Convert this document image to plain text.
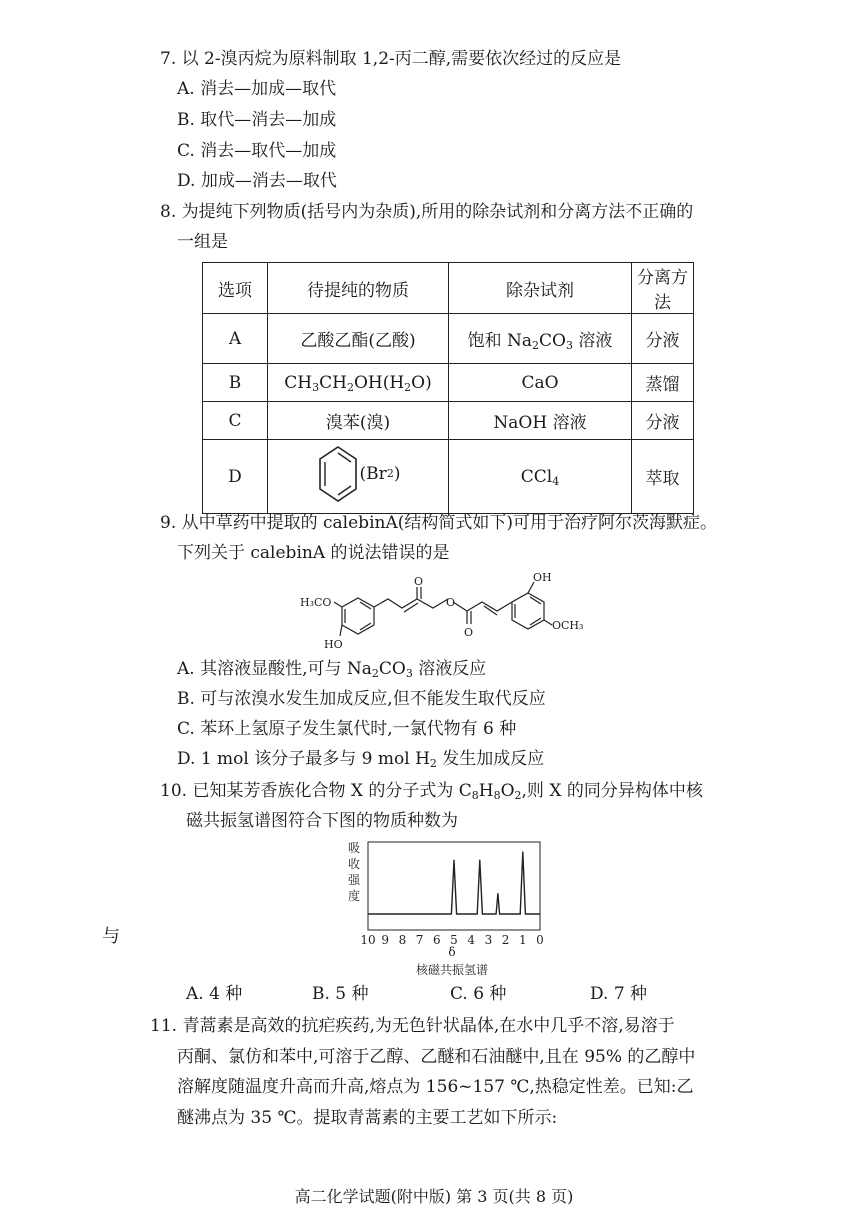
7. 以 2-溴丙烷为原料制取 1,2-丙二醇,需要依次经过的反应是
A. 消去—加成—取代
B. 取代—消去—加成
C. 消去—取代—加成
D. 加成—消去—取代
8. 为提纯下列物质(括号内为杂质),所用的除杂试剂和分离方法不正确的
一组是
选项	待提纯的物质	除杂试剂	分离方法
A	乙酸乙酯(乙酸)	饱和 $Na_2CO_3$ 溶液	分液
B	$CH_3CH_2OH(H_2O)$	CaO	蒸馏
C	溴苯(溴)	NaOH 溶液	分液
D	(Br 2 )	CCl$_4$	萃取
9. 从中草药中提取的 calebinA(结构简式如下)可用于治疗阿尔茨海默症。
下列关于 calebinA 的说法错误的是
H₃CO
HO
O
O
O
OH
OCH₃
A. 其溶液显酸性,可与 $Na_2CO_3$ 溶液反应
B. 可与浓溴水发生加成反应,但不能发生取代反应
C. 苯环上氢原子发生氯代时,一氯代物有 6 种
D. 1 mol 该分子最多与 9 mol $H_2$ 发生加成反应
10. 已知某芳香族化合物 X 的分子式为 $C_8H_8O_2$,则 X 的同分异构体中核
磁共振氢谱图符合下图的物质种数为
吸
收
强
度
10 9 8 7 6 5 4 3 2 1 0
δ
核磁共振氢谱
与
A. 4 种	B. 5 种	C. 6 种	D. 7 种
11. 青蒿素是高效的抗疟疾药,为无色针状晶体,在水中几乎不溶,易溶于
丙酮、氯仿和苯中,可溶于乙醇、乙醚和石油醚中,且在 95% 的乙醇中
溶解度随温度升高而升高,熔点为 156~157 ℃,热稳定性差。已知:乙
醚沸点为 35 ℃。提取青蒿素的主要工艺如下所示:
高二化学试题(附中版) 第 3 页(共 8 页)
